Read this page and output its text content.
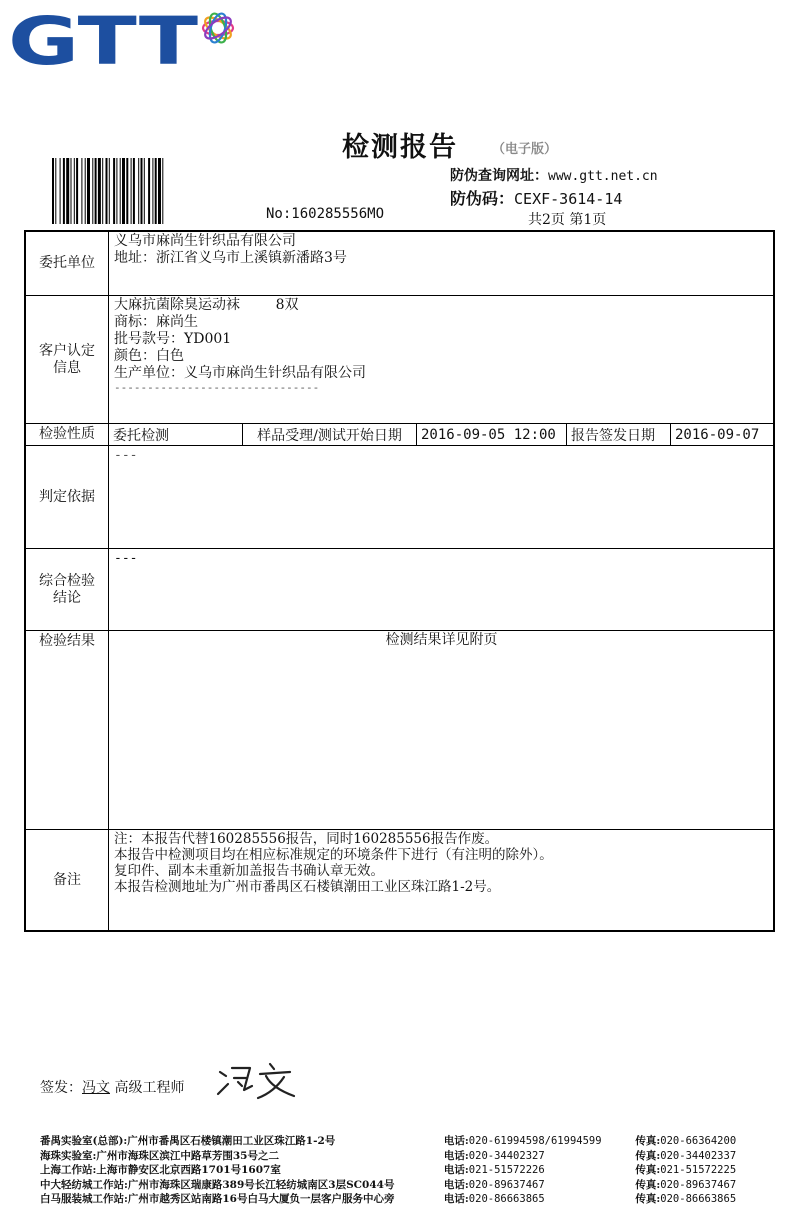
GTT
检测报告	（电子版）
No:160285556MO
防伪查询网址：www.gtt.net.cn
防伪码：CEXF-3614-14
共2页 第1页
委托单位
义乌市麻尚生针织品有限公司
地址：浙江省义乌市上溪镇新潘路3号
客户认定信息
大麻抗菌除臭运动袜        8双
商标：麻尚生
批号款号：YD001
颜色：白色
生产单位：义乌市麻尚生针织品有限公司
-------------------------------
检验性质	委托检测	样品受理/测试开始日期	2016-09-05 12:00	报告签发日期	2016-09-07
判定依据
---
综合检验结论
---
检验结果	检测结果详见附页
备注
注：本报告代替160285556报告，同时160285556报告作废。
本报告中检测项目均在相应标准规定的环境条件下进行（有注明的除外）。
复印件、副本未重新加盖报告书确认章无效。
本报告检测地址为广州市番禺区石楼镇潮田工业区珠江路1-2号。
签发：冯文 高级工程师
番禺实验室(总部):广州市番禺区石楼镇潮田工业区珠江路1-2号	电话:020-61994598/61994599	传真:020-66364200
海珠实验室:广州市海珠区滨江中路草芳围35号之二	电话:020-34402327	传真:020-34402337
上海工作站:上海市静安区北京西路1701号1607室	电话:021-51572226	传真:021-51572225
中大轻纺城工作站:广州市海珠区瑞康路389号长江轻纺城南区3层SC044号	电话:020-89637467	传真:020-89637467
白马服装城工作站:广州市越秀区站南路16号白马大厦负一层客户服务中心旁	电话:020-86663865	传真:020-86663865
